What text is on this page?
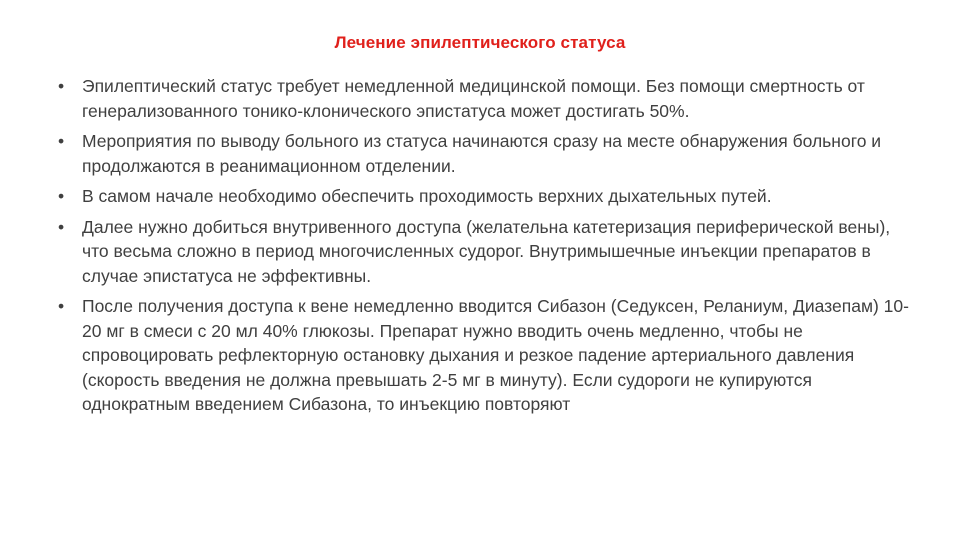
Лечение эпилептического статуса
• Эпилептический статус требует немедленной медицинской помощи. Без помощи смертность от генерализованного тонико-клонического эпистатуса может достигать 50%.
• Мероприятия по выводу больного из статуса начинаются сразу на месте обнаружения больного и продолжаются в реанимационном отделении.
• В самом начале необходимо обеспечить проходимость верхних дыхательных путей.
• Далее нужно добиться внутривенного доступа (желательна катетеризация периферической вены), что весьма сложно в период многочисленных судорог. Внутримышечные инъекции препаратов в случае эпистатуса не эффективны.
• После получения доступа к вене немедленно вводится Сибазон (Седуксен, Реланиум, Диазепам) 10-20 мг в смеси с 20 мл 40% глюкозы. Препарат нужно вводить очень медленно, чтобы не спровоцировать рефлекторную остановку дыхания и резкое падение артериального давления (скорость введения не должна превышать 2-5 мг в минуту). Если судороги не купируются однократным введением Сибазона, то инъекцию повторяют
